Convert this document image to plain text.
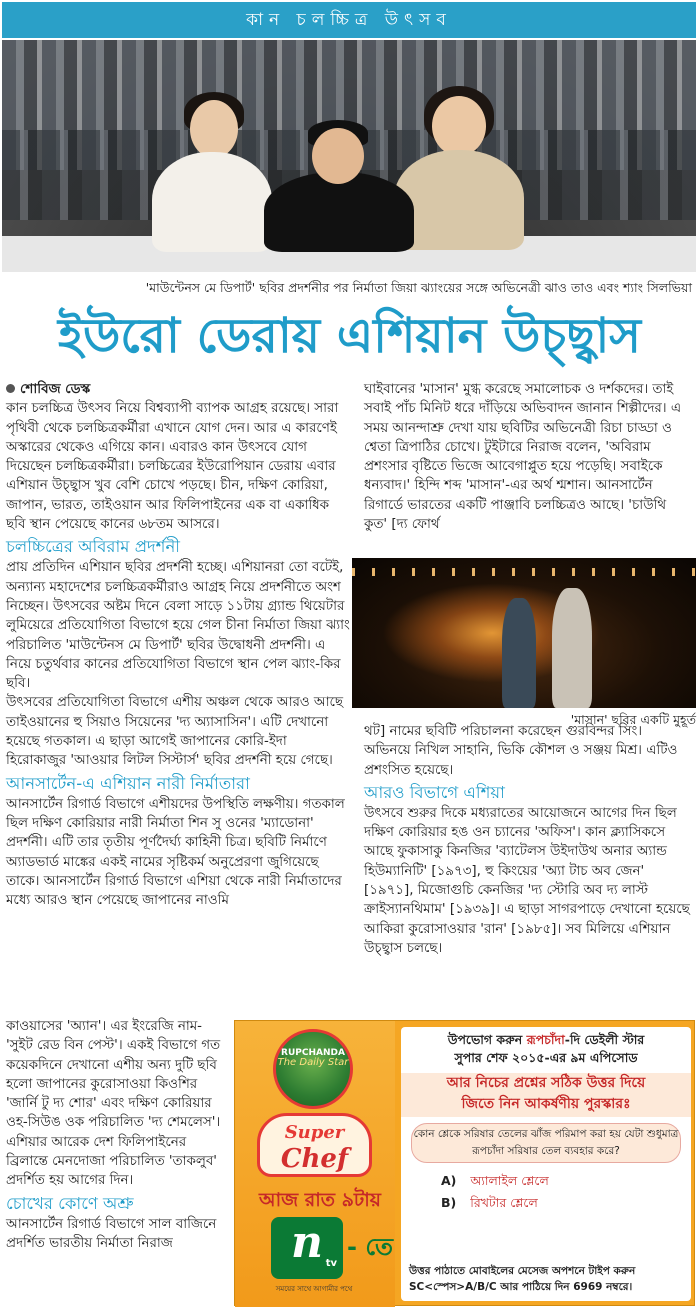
কান চলচ্চিত্র উৎসব
'মাউন্টেনস মে ডিপার্ট' ছবির প্রদর্শনীর পর নির্মাতা জিয়া ঝ্যাংয়ের সঙ্গে অভিনেত্রী ঝাও তাও এবং শ্যাং সিলভিয়া
ইউরো ডেরায় এশিয়ান উচ্ছ্বাস

শোবিজ ডেস্ক

কান চলচ্চিত্র উৎসব নিয়ে বিশ্বব্যাপী ব্যাপক আগ্রহ রয়েছে। সারা পৃথিবী থেকে চলচ্চিত্রকর্মীরা এখানে যোগ দেন। আর এ কারণেই অস্কারের থেকেও এগিয়ে কান। এবারও কান উৎসবে যোগ দিয়েছেন চলচ্চিত্রকর্মীরা। চলচ্চিত্রের ইউরোপিয়ান ডেরায় এবার এশিয়ান উচ্ছ্বাস খুব বেশি চোখে পড়ছে। চীন, দক্ষিণ কোরিয়া, জাপান, ভারত, তাইওয়ান আর ফিলিপাইনের এক বা একাধিক ছবি স্থান পেয়েছে কানের ৬৮তম আসরে।

চলচ্চিত্রের অবিরাম প্রদর্শনী

প্রায় প্রতিদিন এশিয়ান ছবির প্রদর্শনী হচ্ছে। এশিয়ানরা তো বটেই, অন্যান্য মহাদেশের চলচ্চিত্রকর্মীরাও আগ্রহ নিয়ে প্রদর্শনীতে অংশ নিচ্ছেন। উৎসবের অষ্টম দিনে বেলা সাড়ে ১১টায় গ্র্যান্ড থিয়েটার লুমিয়েরে প্রতিযোগিতা বিভাগে হয়ে গেল চীনা নির্মাতা জিয়া ঝ্যাং পরিচালিত 'মাউন্টেনস মে ডিপার্ট' ছবির উদ্বোধনী প্রদর্শনী। এ নিয়ে চতুর্থবার কানের প্রতিযোগিতা বিভাগে স্থান পেল ঝ্যাং-কির ছবি।

উৎসবের প্রতিযোগিতা বিভাগে এশীয় অঞ্চল থেকে আরও আছে তাইওয়ানের হু সিয়াও সিয়েনের 'দ্য অ্যাসাসিন'। এটি দেখানো হয়েছে গতকাল। এ ছাড়া আগেই জাপানের কোরি-ইদা হিরোকাজুর 'আওয়ার লিটল সিস্টার্স' ছবির প্রদর্শনী হয়ে গেছে।

আনসার্টেন-এ এশিয়ান নারী নির্মাতারা

আনসার্টেন রিগার্ড বিভাগে এশীয়দের উপস্থিতি লক্ষণীয়। গতকাল ছিল দক্ষিণ কোরিয়ার নারী নির্মাতা শিন সু ওনের 'ম্যাডোনা' প্রদর্শনী। এটি তার তৃতীয় পূর্ণদৈর্ঘ্য কাহিনী চিত্র। ছবিটি নির্মাণে অ্যাডভার্ড মাঙ্কের একই নামের সৃষ্টিকর্ম অনুপ্রেরণা জুগিয়েছে তাকে। আনসার্টেন রিগার্ড বিভাগে এশিয়া থেকে নারী নির্মাতাদের মধ্যে আরও স্থান পেয়েছে জাপানের নাওমি

কাওয়াসের 'অ্যান'। এর ইংরেজি নাম- 'সুইট রেড বিন পেস্ট'। একই বিভাগে গত কয়েকদিনে দেখানো এশীয় অন্য দুটি ছবি হলো জাপানের কুরোসাওয়া কিওশির 'জার্নি টু দ্য শোর' এবং দক্ষিণ কোরিয়ার ওহ-সিউঙ ওক পরিচালিত 'দ্য শেমলেস'। এশিয়ার আরেক দেশ ফিলিপাইনের ব্রিলান্তে মেনদোজা পরিচালিত 'তাকলুব' প্রদর্শিত হয় আগের দিন।

চোখের কোণে অশ্রু

আনসার্টেন রিগার্ড বিভাগে সাল বাজিনে প্রদর্শিত ভারতীয় নির্মাতা নিরাজ

ঘাইবানের 'মাসান' মুগ্ধ করেছে সমালোচক ও দর্শকদের। তাই সবাই পাঁচ মিনিট ধরে দাঁড়িয়ে অভিবাদন জানান শিল্পীদের। এ সময় আনন্দাশ্রু দেখা যায় ছবিটির অভিনেত্রী রিচা চাড্ডা ও শ্বেতা ত্রিপাঠির চোখে। টুইটারে নিরাজ বলেন, 'অবিরাম প্রশংসার বৃষ্টিতে ভিজে আবেগাপ্লুত হয়ে পড়েছি। সবাইকে ধন্যবাদ।' হিন্দি শব্দ 'মাসান'-এর অর্থ শ্মশান। আনসার্টেন রিগার্ডে ভারতের একটি পাঞ্জাবি চলচ্চিত্রও আছে। 'চাউথি কুত' [দ্য ফোর্থ

'মাসান' ছবির একটি মুহূর্ত

থট] নামের ছবিটি পরিচালনা করেছেন গুরবিন্দর সিং। অভিনয়ে নিখিল সাহানি, ভিকি কৌশল ও সঞ্জয় মিশ্র। এটিও প্রশংসিত হয়েছে।

আরও বিভাগে এশিয়া

উৎসবে শুরুর দিকে মধ্যরাতের আয়োজনে আগের দিন ছিল দক্ষিণ কোরিয়ার হঙ ওন চ্যানের 'অফিস'। কান ক্ল্যাসিকসে আছে ফুকাসাকু কিনজির 'ব্যাটেলস উইদাউথ অনার অ্যান্ড হিউম্যানিটি' [১৯৭৩], হু কিংয়ের 'অ্যা টাচ অব জেন' [১৯৭১], মিজোগুচি কেনজির 'দ্য স্টোরি অব দ্য লাস্ট ক্রাইস্যানথিমাম' [১৯৩৯]। এ ছাড়া সাগরপাড়ে দেখানো হয়েছে আকিরা কুরোসাওয়ার 'রান' [১৯৮৫]। সব মিলিয়ে এশিয়ান উচ্ছ্বাস চলছে।

RUPCHANDA
The Daily Star
Super
Chef
আজ রাত ৯টায়
n tv
- তে
সময়ের সাথে আগামীর পথে
উপভোগ করুন রূপচাঁদা-দি ডেইলী স্টার
সুপার শেফ ২০১৫-এর ৯ম এপিসোড
আর নিচের প্রশ্নের সঠিক উত্তর দিয়ে
জিতে নিন আকর্ষণীয় পুরস্কারঃ
কোন শ্লেকে সরিষার তেলের ঝাঁজ পরিমাপ করা হয় যেটা শুধুমাত্র রূপচাঁদা সরিষার তেল ব্যবহার করে?
A) অ্যালাইল শ্লেলে
B) রিখটার শ্লেলে
উত্তর পাঠাতে মোবাইলের মেসেজ অপশনে টাইপ করুন SC<স্পেস>A/B/C আর পাঠিয়ে দিন 6969 নম্বরে।
